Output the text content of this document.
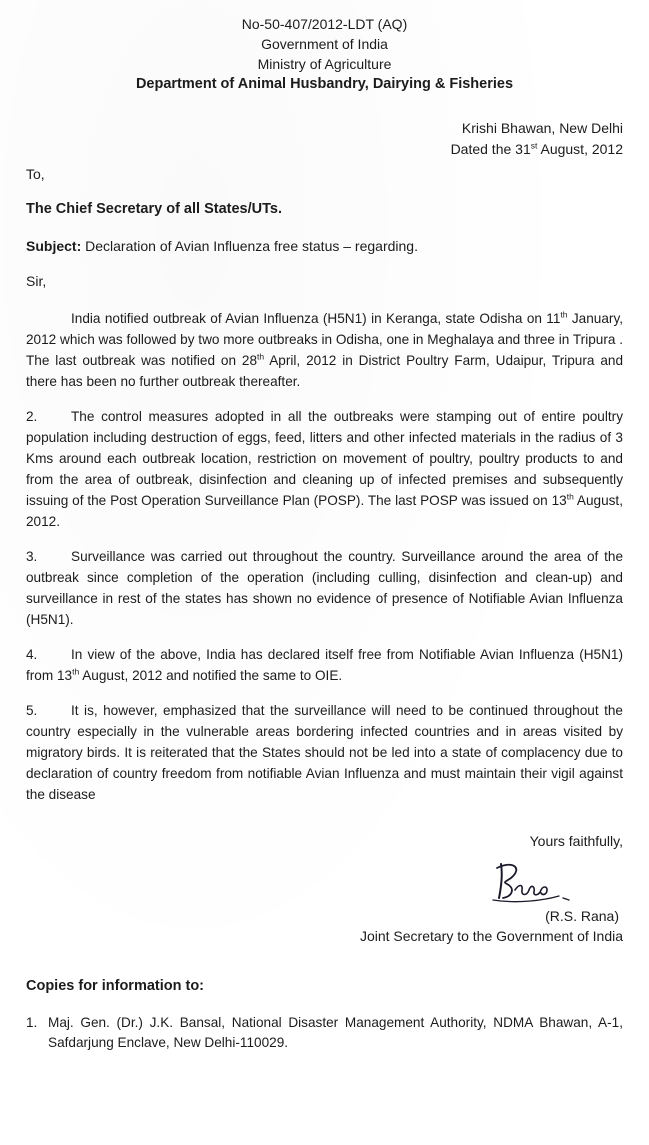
No-50-407/2012-LDT (AQ)
Government of India
Ministry of Agriculture
Department of Animal Husbandry, Dairying & Fisheries
Krishi Bhawan, New Delhi
Dated the 31st August, 2012
To,
The Chief Secretary of all States/UTs.
Subject: Declaration of Avian Influenza free status – regarding.
Sir,
India notified outbreak of Avian Influenza (H5N1) in Keranga, state Odisha on 11th January, 2012 which was followed by two more outbreaks in Odisha, one in Meghalaya and three in Tripura . The last outbreak was notified on 28th April, 2012 in District Poultry Farm, Udaipur, Tripura and there has been no further outbreak thereafter.
2. The control measures adopted in all the outbreaks were stamping out of entire poultry population including destruction of eggs, feed, litters and other infected materials in the radius of 3 Kms around each outbreak location, restriction on movement of poultry, poultry products to and from the area of outbreak, disinfection and cleaning up of infected premises and subsequently issuing of the Post Operation Surveillance Plan (POSP). The last POSP was issued on 13th August, 2012.
3. Surveillance was carried out throughout the country. Surveillance around the area of the outbreak since completion of the operation (including culling, disinfection and clean-up) and surveillance in rest of the states has shown no evidence of presence of Notifiable Avian Influenza (H5N1).
4. In view of the above, India has declared itself free from Notifiable Avian Influenza (H5N1) from 13th August, 2012 and notified the same to OIE.
5. It is, however, emphasized that the surveillance will need to be continued throughout the country especially in the vulnerable areas bordering infected countries and in areas visited by migratory birds. It is reiterated that the States should not be led into a state of complacency due to declaration of country freedom from notifiable Avian Influenza and must maintain their vigil against the disease
Yours faithfully,
(R.S. Rana)
Joint Secretary to the Government of India
Copies for information to:
1. Maj. Gen. (Dr.) J.K. Bansal, National Disaster Management Authority, NDMA Bhawan, A-1, Safdarjung Enclave, New Delhi-110029.
